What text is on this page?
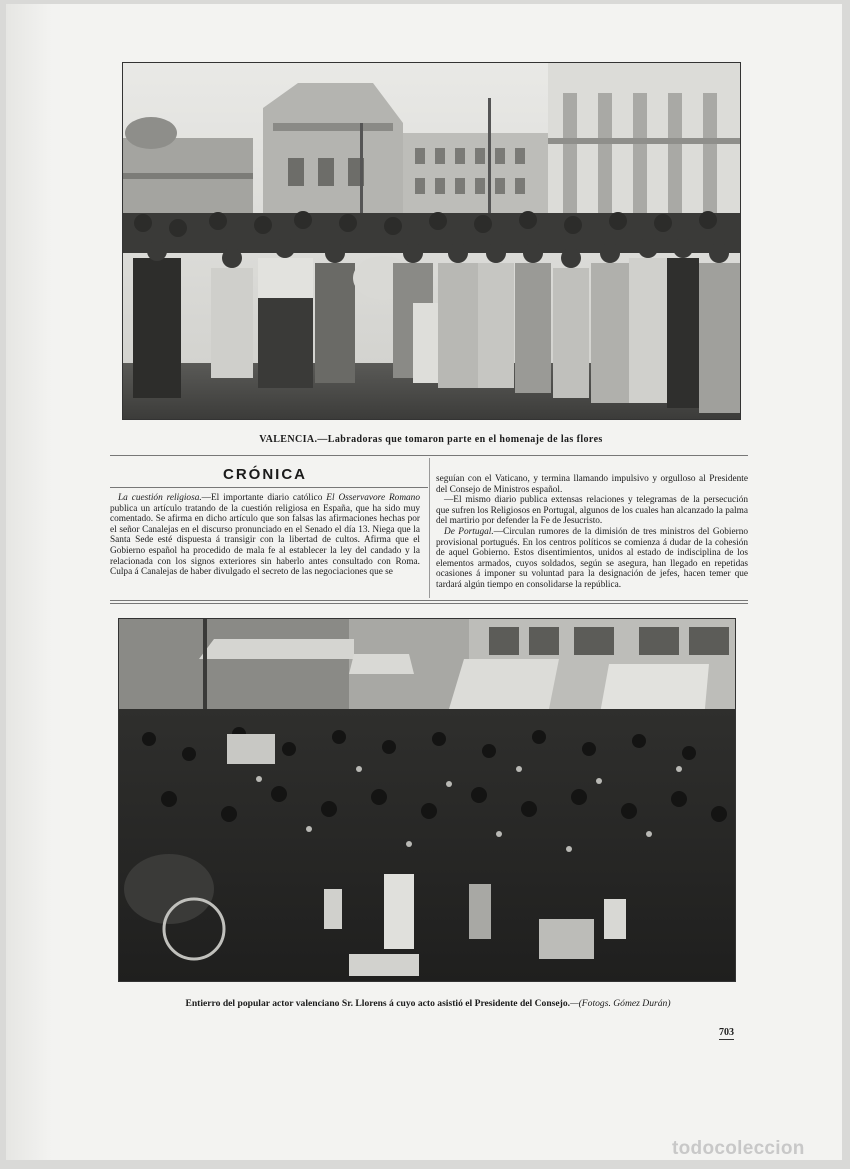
VALENCIA.—Labradoras que tomaron parte en el homenaje de las flores
CRÓNICA

La cuestión religiosa.—El importante diario católico El Osservavore Romano publica un artículo tratando de la cuestión religiosa en España, que ha sido muy comentado. Se afirma en dicho artículo que son falsas las afirmaciones hechas por el señor Canalejas en el discurso pronunciado en el Senado el día 13. Niega que la Santa Sede esté dispuesta á transigir con la libertad de cultos. Afirma que el Gobierno español ha procedido de mala fe al establecer la ley del candado y la relacionada con los signos exteriores sin haberlo antes consultado con Roma. Culpa á Canalejas de haber divulgado el secreto de las negociaciones que se

seguían con el Vaticano, y termina llamando impulsivo y orgulloso al Presidente del Consejo de Ministros español.

—El mismo diario publica extensas relaciones y telegramas de la persecución que sufren los Religiosos en Portugal, algunos de los cuales han alcanzado la palma del martirio por defender la Fe de Jesucristo.

De Portugal.—Circulan rumores de la dimisión de tres ministros del Gobierno provisional portugués. En los centros políticos se comienza á dudar de la cohesión de aquel Gobierno. Estos disentimientos, unidos al estado de indisciplina de los elementos armados, cuyos soldados, según se asegura, han llegado en repetidas ocasiones á imponer su voluntad para la designación de jefes, hacen temer que tardará algún tiempo en consolidarse la república.

Entierro del popular actor valenciano Sr. Llorens á cuyo acto asistió el Presidente del Consejo.—(Fotogs. Gómez Durán)
703
todocoleccion
